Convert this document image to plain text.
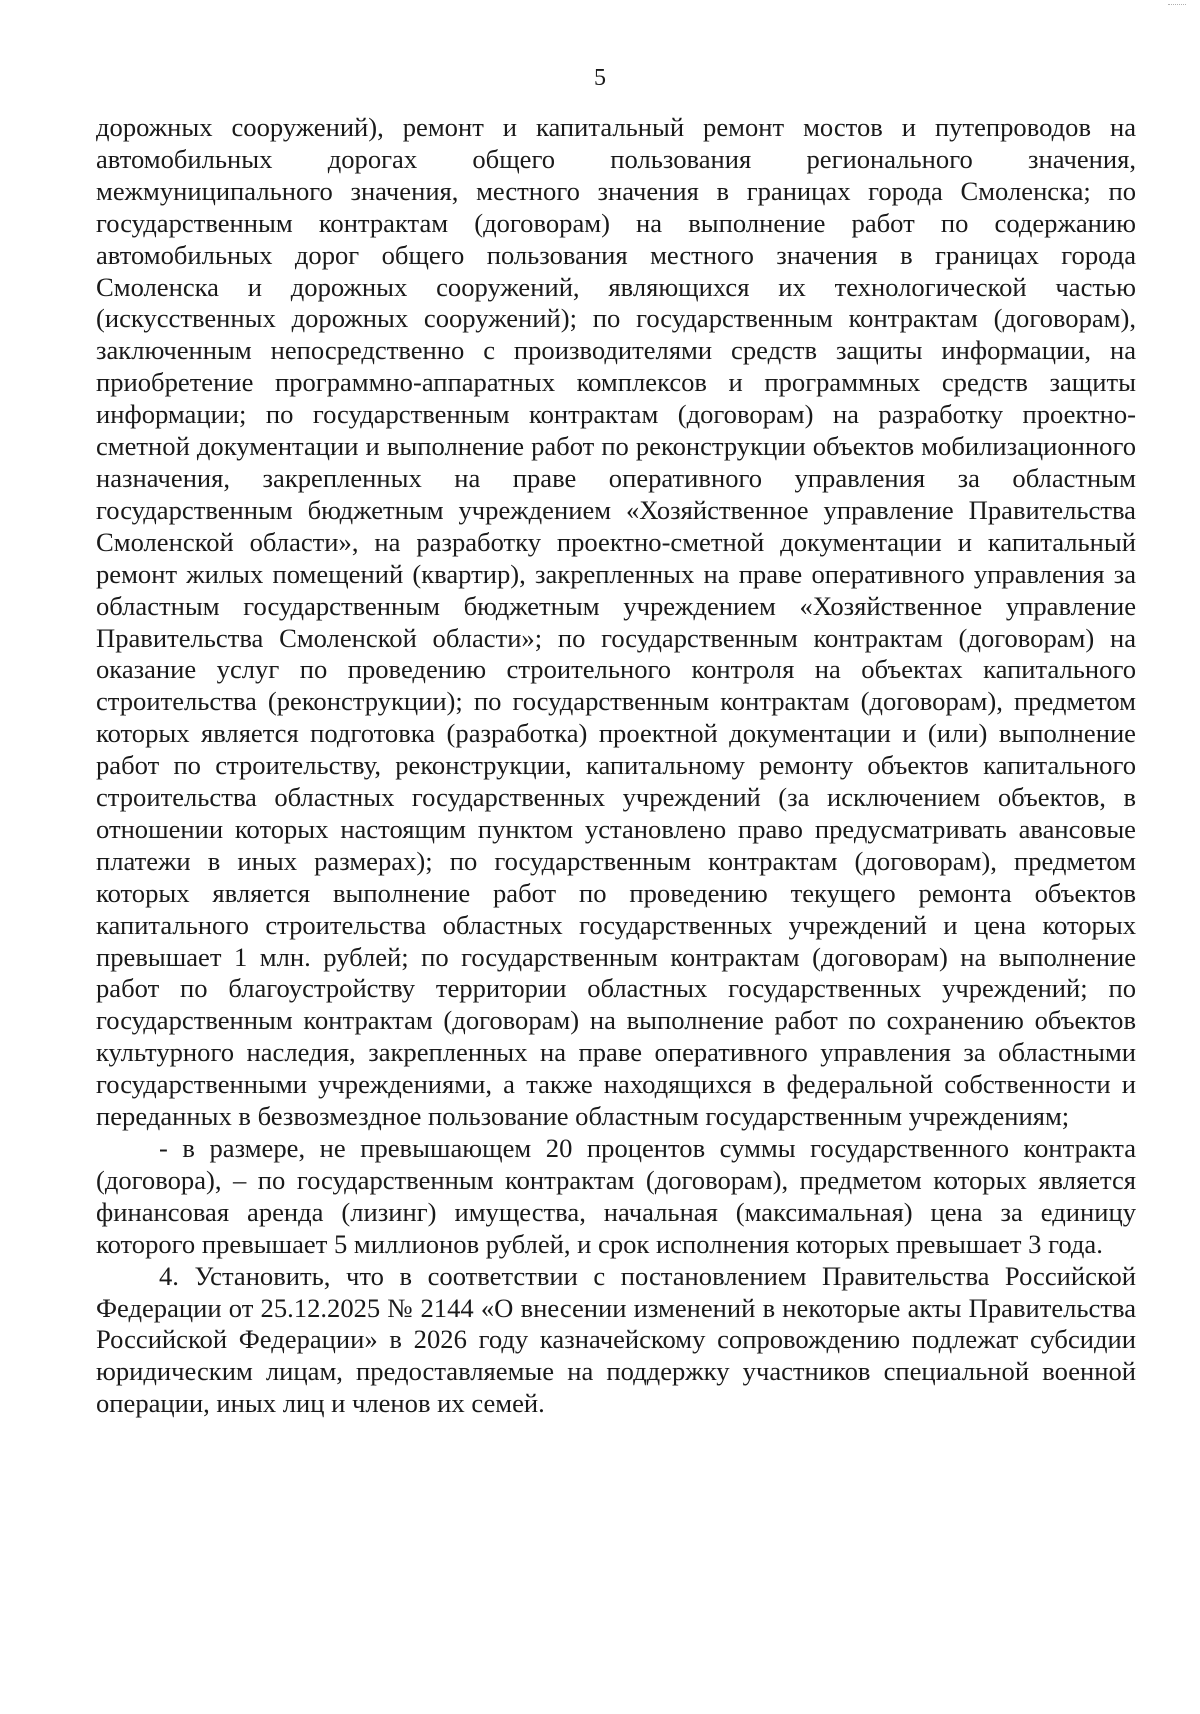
5

дорожных сооружений), ремонт и капитальный ремонт мостов и путепроводов на автомобильных дорогах общего пользования регионального значения, межмуниципального значения, местного значения в границах города Смоленска; по государственным контрактам (договорам) на выполнение работ по содержанию автомобильных дорог общего пользования местного значения в границах города Смоленска и дорожных сооружений, являющихся их технологической частью (искусственных дорожных сооружений); по государственным контрактам (договорам), заключенным непосредственно с производителями средств защиты информации, на приобретение программно-аппаратных комплексов и программных средств защиты информации; по государственным контрактам (договорам) на разработку проектно-сметной документации и выполнение работ по реконструкции объектов мобилизационного назначения, закрепленных на праве оперативного управления за областным государственным бюджетным учреждением «Хозяйственное управление Правительства Смоленской области», на разработку проектно-сметной документации и капитальный ремонт жилых помещений (квартир), закрепленных на праве оперативного управления за областным государственным бюджетным учреждением «Хозяйственное управление Правительства Смоленской области»; по государственным контрактам (договорам) на оказание услуг по проведению строительного контроля на объектах капитального строительства (реконструкции); по государственным контрактам (договорам), предметом которых является подготовка (разработка) проектной документации и (или) выполнение работ по строительству, реконструкции, капитальному ремонту объектов капитального строительства областных государственных учреждений (за исключением объектов, в отношении которых настоящим пунктом установлено право предусматривать авансовые платежи в иных размерах); по государственным контрактам (договорам), предметом которых является выполнение работ по проведению текущего ремонта объектов капитального строительства областных государственных учреждений и цена которых превышает 1 млн. рублей; по государственным контрактам (договорам) на выполнение работ по благоустройству территории областных государственных учреждений; по государственным контрактам (договорам) на выполнение работ по сохранению объектов культурного наследия, закрепленных на праве оперативного управления за областными государственными учреждениями, а также находящихся в федеральной собственности и переданных в безвозмездное пользование областным государственным учреждениям;

- в размере, не превышающем 20 процентов суммы государственного контракта (договора), – по государственным контрактам (договорам), предметом которых является финансовая аренда (лизинг) имущества, начальная (максимальная) цена за единицу которого превышает 5 миллионов рублей, и срок исполнения которых превышает 3 года.

4. Установить, что в соответствии с постановлением Правительства Российской Федерации от 25.12.2025 № 2144 «О внесении изменений в некоторые акты Правительства Российской Федерации» в 2026 году казначейскому сопровождению подлежат субсидии юридическим лицам, предоставляемые на поддержку участников специальной военной операции, иных лиц и членов их семей.
